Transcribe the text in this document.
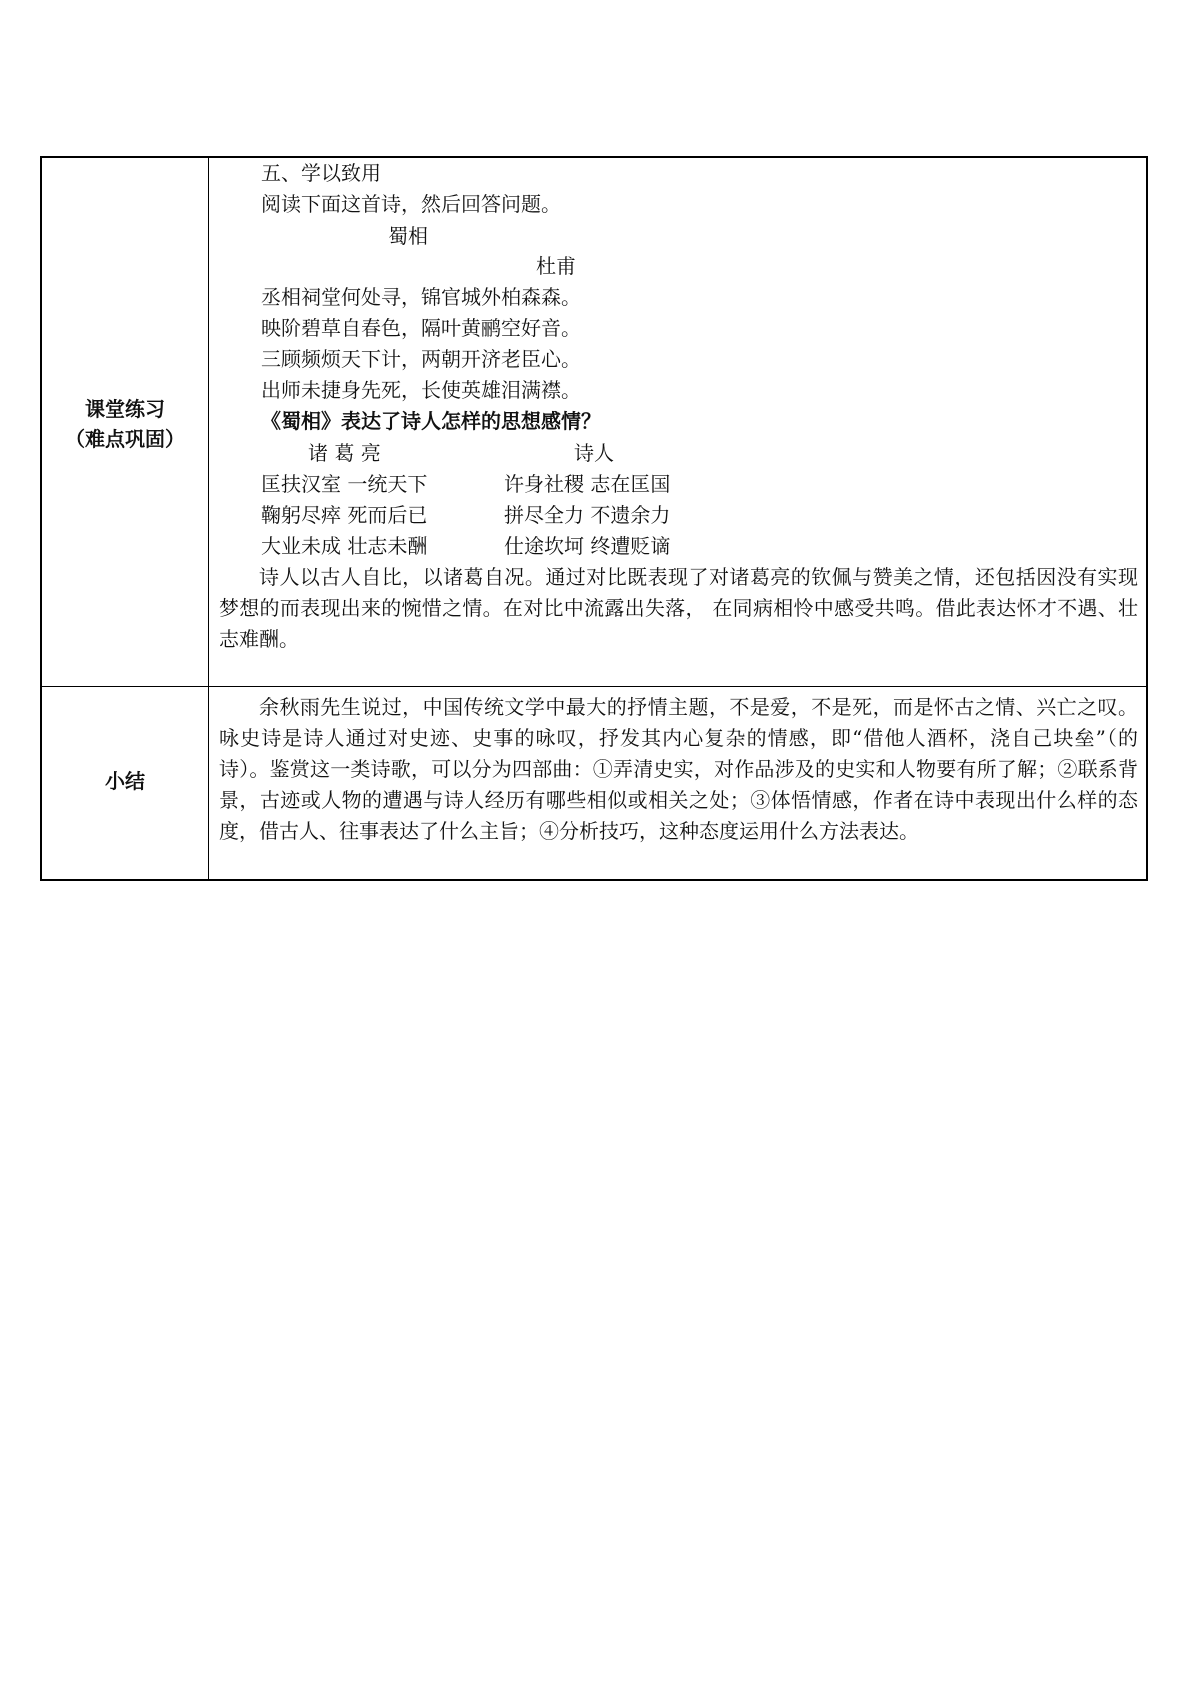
课堂练习
（难点巩固）
五、学以致用
阅读下面这首诗，然后回答问题。
蜀相
杜甫
丞相祠堂何处寻，锦官城外柏森森。
映阶碧草自春色，隔叶黄鹂空好音。
三顾频烦天下计，两朝开济老臣心。
出师未捷身先死，长使英雄泪满襟。
《蜀相》表达了诗人怎样的思想感情？
诸 葛 亮	诗人
匡扶汉室 一统天下	许身社稷 志在匡国
鞠躬尽瘁 死而后已	拼尽全力 不遗余力
大业未成 壮志未酬	仕途坎坷 终遭贬谪
诗人以古人自比，以诸葛自况。通过对比既表现了对诸葛亮的钦佩与赞美之情，还包括因没有实现梦想的而表现出来的惋惜之情。在对比中流露出失落， 在同病相怜中感受共鸣。借此表达怀才不遇、壮志难酬。
小结
余秋雨先生说过，中国传统文学中最大的抒情主题，不是爱，不是死，而是怀古之情、兴亡之叹。咏史诗是诗人通过对史迹、史事的咏叹，抒发其内心复杂的情感，即“借他人酒杯，浇自己块垒”（的诗）。鉴赏这一类诗歌，可以分为四部曲：①弄清史实，对作品涉及的史实和人物要有所了解；②联系背景，古迹或人物的遭遇与诗人经历有哪些相似或相关之处；③体悟情感，作者在诗中表现出什么样的态度，借古人、往事表达了什么主旨；④分析技巧，这种态度运用什么方法表达。
